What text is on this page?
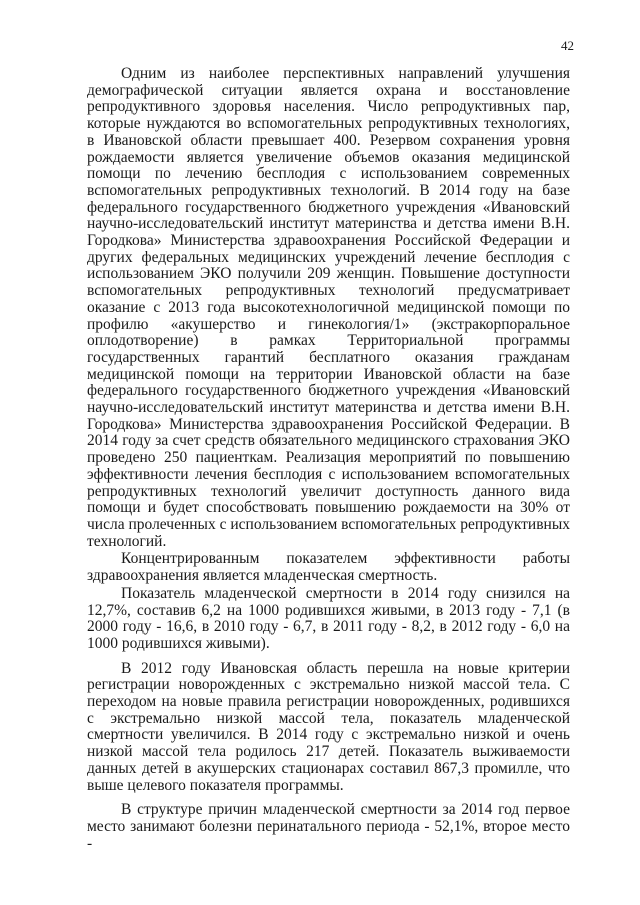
42

Одним из наиболее перспективных направлений улучшения демографической ситуации является охрана и восстановление репродуктивного здоровья населения. Число репродуктивных пар, которые нуждаются во вспомогательных репродуктивных технологиях, в Ивановской области превышает 400. Резервом сохранения уровня рождаемости является увеличение объемов оказания медицинской помощи по лечению бесплодия с использованием современных вспомогательных репродуктивных технологий. В 2014 году на базе федерального государственного бюджетного учреждения «Ивановский научно-исследовательский институт материнства и детства имени В.Н. Городкова» Министерства здравоохранения Российской Федерации и других федеральных медицинских учреждений лечение бесплодия с использованием ЭКО получили 209 женщин. Повышение доступности вспомогательных репродуктивных технологий предусматривает оказание с 2013 года высокотехнологичной медицинской помощи по профилю «акушерство и гинекология/1» (экстракорпоральное оплодотворение) в рамках Территориальной программы государственных гарантий бесплатного оказания гражданам медицинской помощи на территории Ивановской области на базе федерального государственного бюджетного учреждения «Ивановский научно-исследовательский институт материнства и детства имени В.Н. Городкова» Министерства здравоохранения Российской Федерации. В 2014 году за счет средств обязательного медицинского страхования ЭКО проведено 250 пациенткам. Реализация мероприятий по повышению эффективности лечения бесплодия с использованием вспомогательных репродуктивных технологий увеличит доступность данного вида помощи и будет способствовать повышению рождаемости на 30% от числа пролеченных с использованием вспомогательных репродуктивных технологий.

Концентрированным показателем эффективности работы здравоохранения является младенческая смертность.

Показатель младенческой смертности в 2014 году снизился на 12,7%, составив 6,2 на 1000 родившихся живыми, в 2013 году - 7,1 (в 2000 году - 16,6, в 2010 году - 6,7, в 2011 году - 8,2, в 2012 году - 6,0 на 1000 родившихся живыми).

В 2012 году Ивановская область перешла на новые критерии регистрации новорожденных с экстремально низкой массой тела. С переходом на новые правила регистрации новорожденных, родившихся с экстремально низкой массой тела, показатель младенческой смертности увеличился. В 2014 году с экстремально низкой и очень низкой массой тела родилось 217 детей. Показатель выживаемости данных детей в акушерских стационарах составил 867,3 промилле, что выше целевого показателя программы.

В структуре причин младенческой смертности за 2014 год первое место занимают болезни перинатального периода - 52,1%, второе место -
